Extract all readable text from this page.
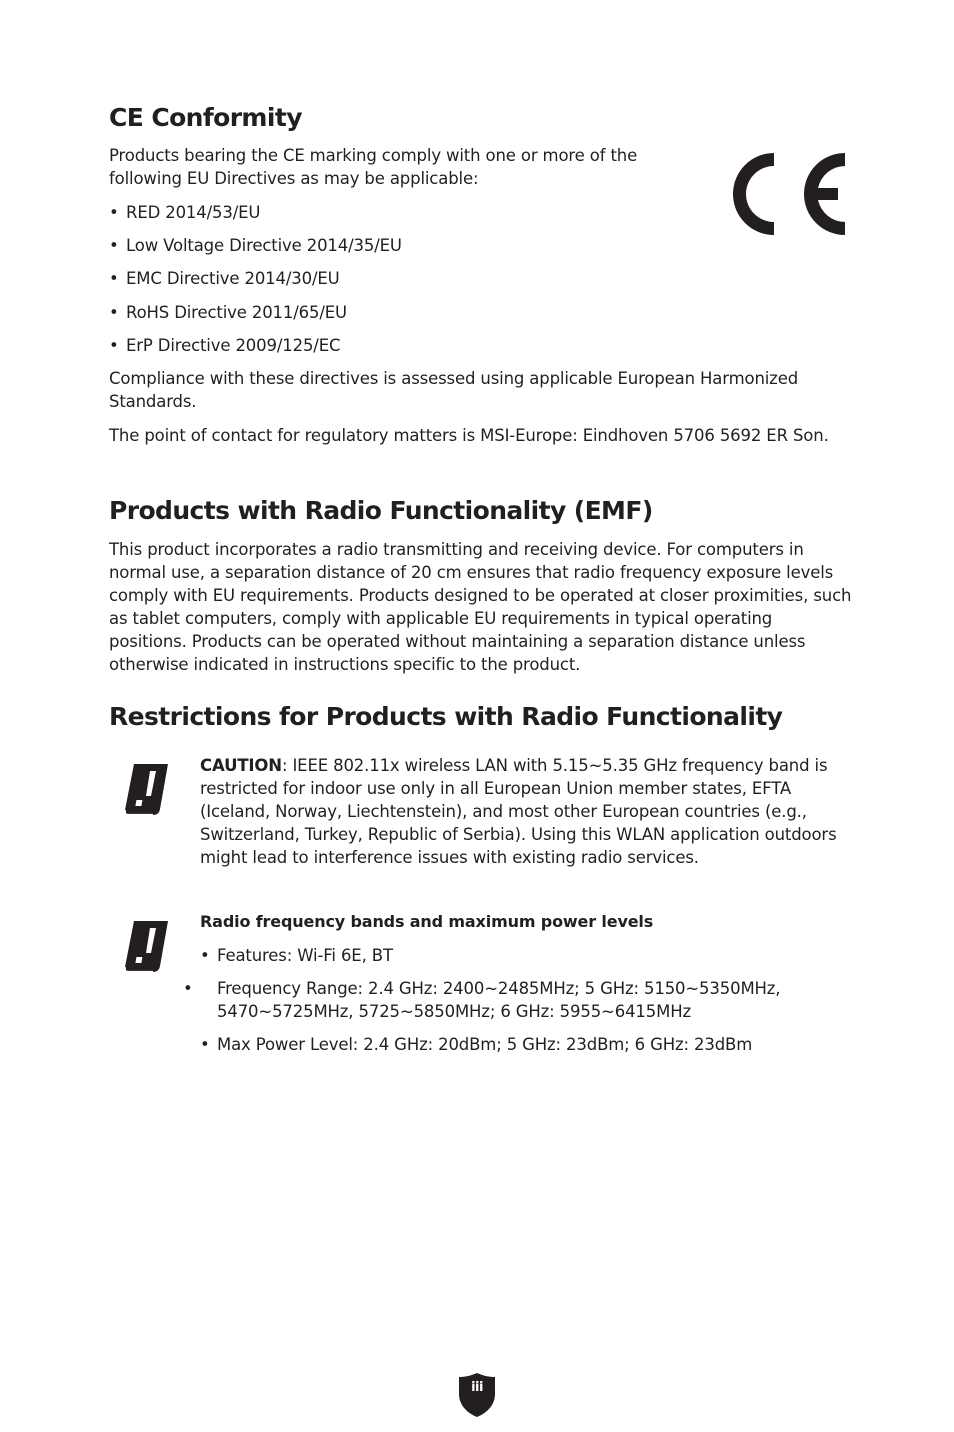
CE Conformity

Products bearing the CE marking comply with one or more of the following EU Directives as may be applicable:

• RED 2014/53/EU
• Low Voltage Directive 2014/35/EU
• EMC Directive 2014/30/EU
• RoHS Directive 2011/65/EU
• ErP Directive 2009/125/EC

Compliance with these directives is assessed using applicable European Harmonized Standards.

The point of contact for regulatory matters is MSI-Europe: Eindhoven 5706 5692 ER Son.

Products with Radio Functionality (EMF)

This product incorporates a radio transmitting and receiving device. For computers in normal use, a separation distance of 20 cm ensures that radio frequency exposure levels comply with EU requirements. Products designed to be operated at closer proximities, such as tablet computers, comply with applicable EU requirements in typical operating positions. Products can be operated without maintaining a separation distance unless otherwise indicated in instructions specific to the product.

Restrictions for Products with Radio Functionality

CAUTION: IEEE 802.11x wireless LAN with 5.15~5.35 GHz frequency band is restricted for indoor use only in all European Union member states, EFTA (Iceland, Norway, Liechtenstein), and most other European countries (e.g., Switzerland, Turkey, Republic of Serbia). Using this WLAN application outdoors might lead to interference issues with existing radio services.

Radio frequency bands and maximum power levels

• Features: Wi-Fi 6E, BT
• Frequency Range: 2.4 GHz: 2400~2485MHz; 5 GHz: 5150~5350MHz, 5470~5725MHz, 5725~5850MHz; 6 GHz: 5955~6415MHz
• Max Power Level: 2.4 GHz: 20dBm; 5 GHz: 23dBm; 6 GHz: 23dBm
iii
